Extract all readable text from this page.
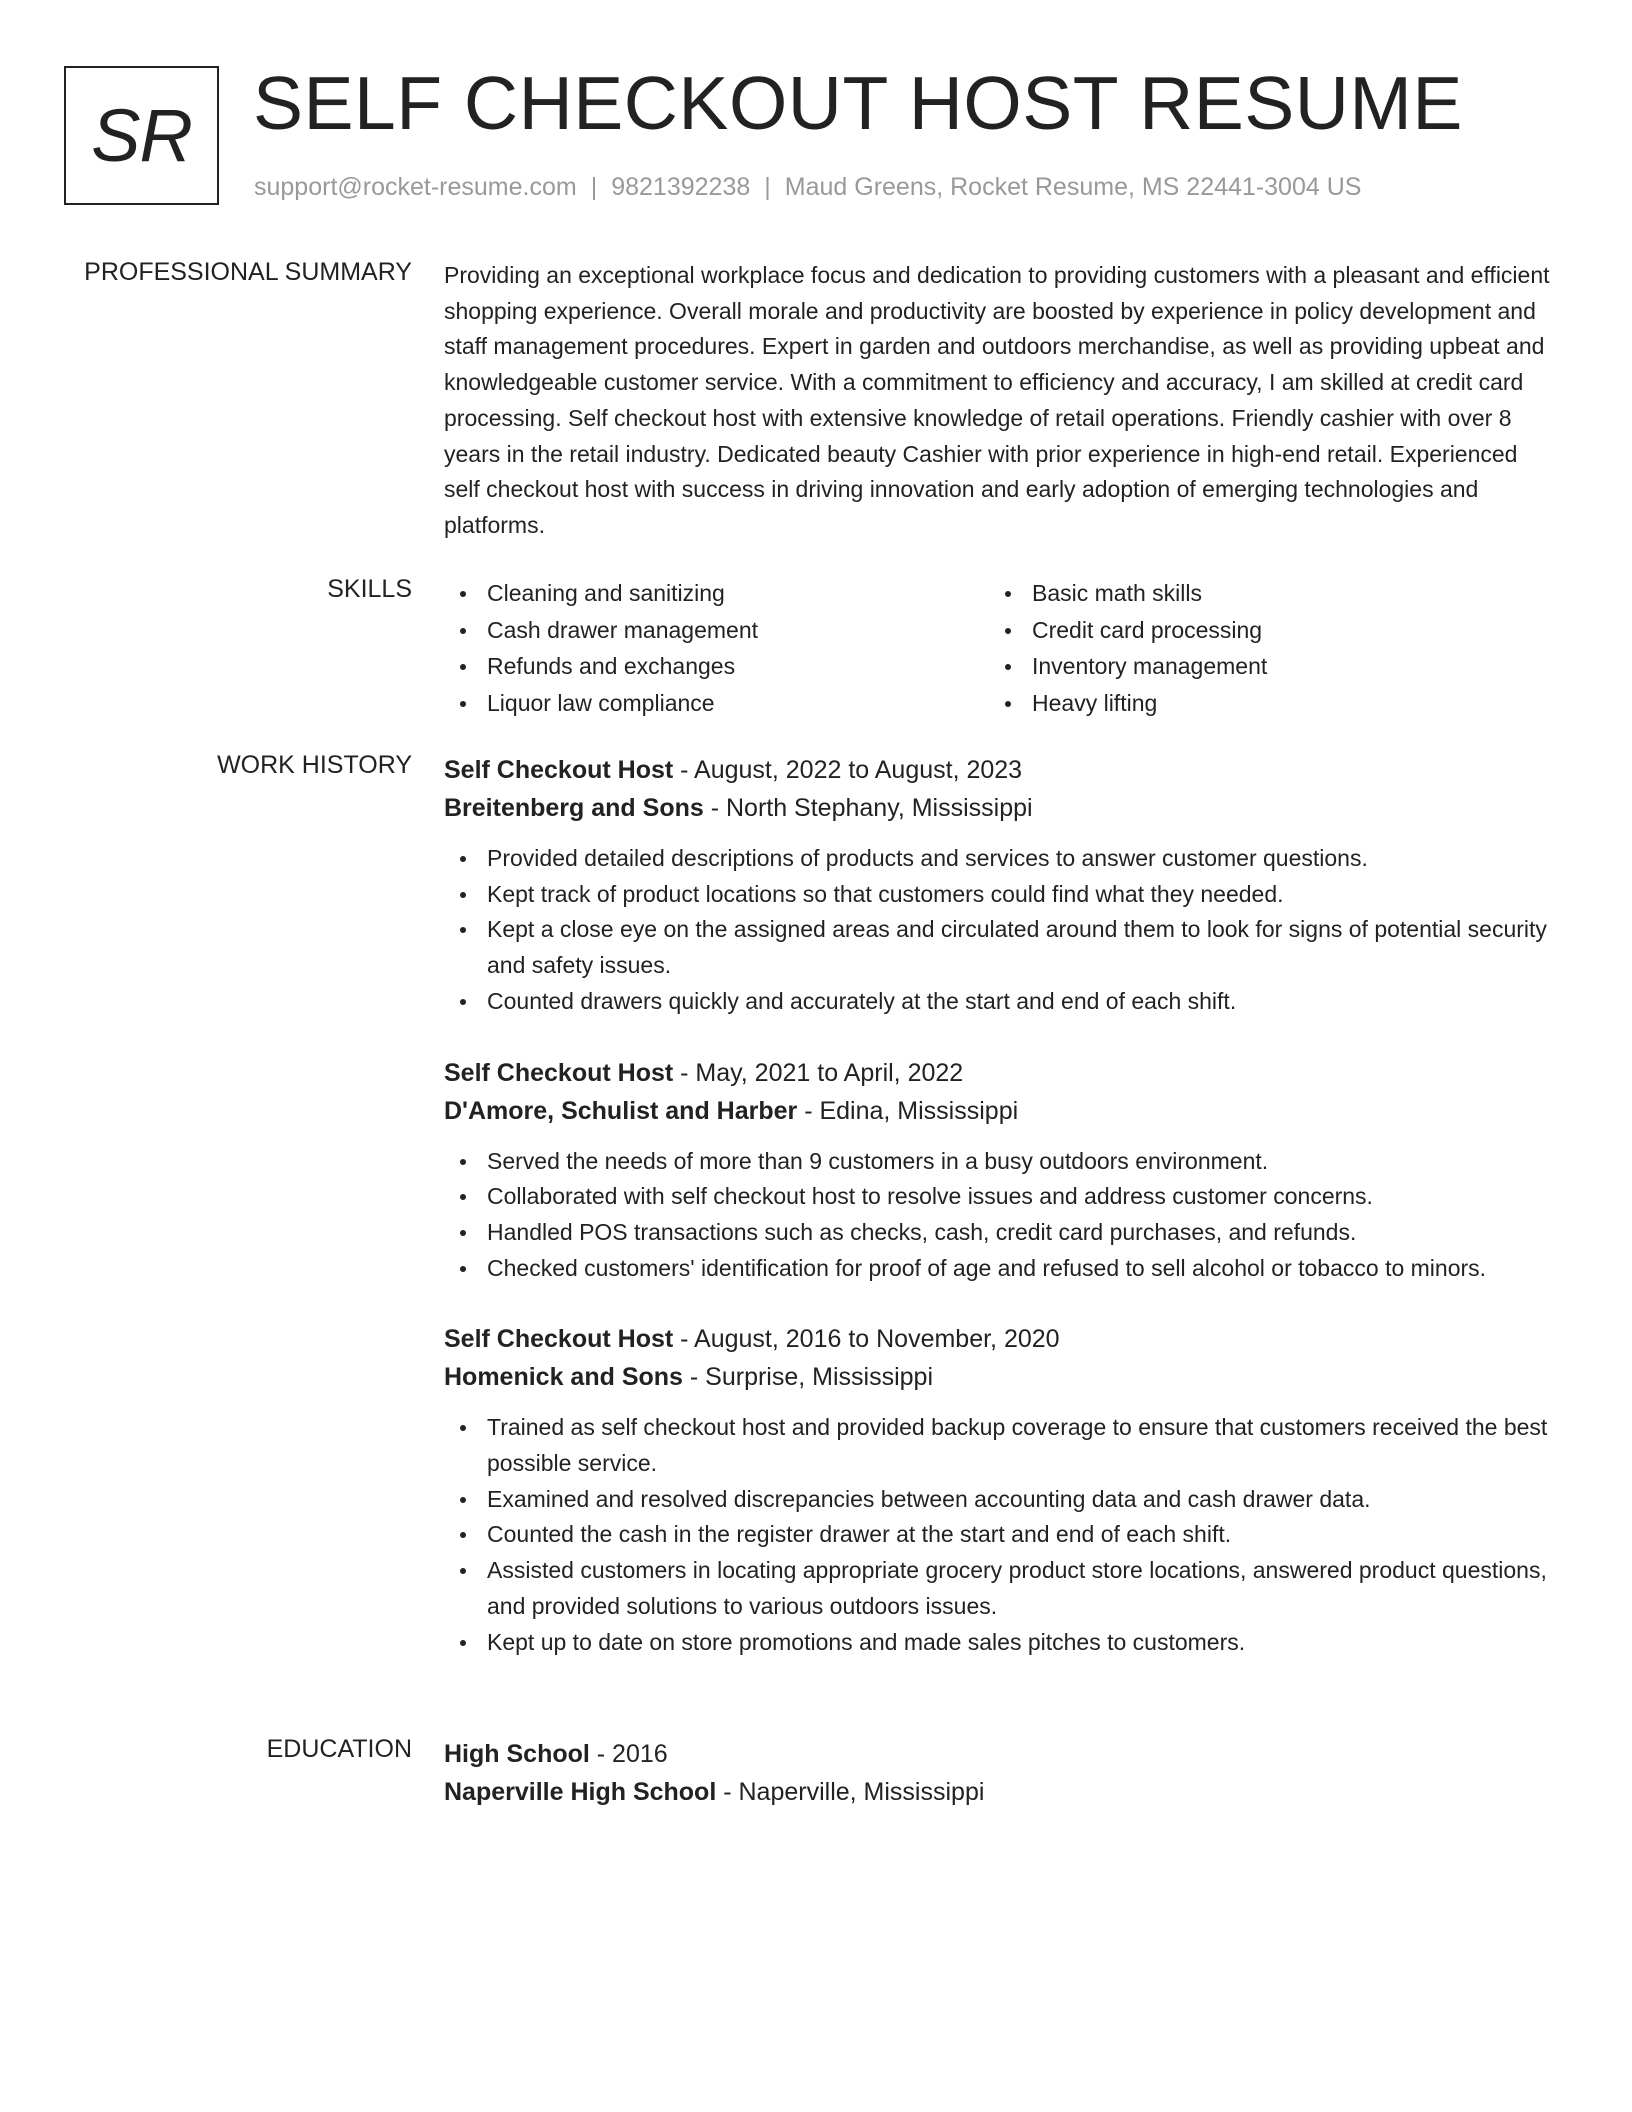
SR SELF CHECKOUT HOST RESUME
support@rocket-resume.com | 9821392238 | Maud Greens, Rocket Resume, MS 22441-3004 US
PROFESSIONAL SUMMARY Providing an exceptional workplace focus and dedication to providing customers with a pleasant and efficient shopping experience. Overall morale and productivity are boosted by experience in policy development and staff management procedures. Expert in garden and outdoors merchandise, as well as providing upbeat and knowledgeable customer service. With a commitment to efficiency and accuracy, I am skilled at credit card processing. Self checkout host with extensive knowledge of retail operations. Friendly cashier with over 8 years in the retail industry. Dedicated beauty Cashier with prior experience in high-end retail. Experienced self checkout host with success in driving innovation and early adoption of emerging technologies and platforms.

SKILLS	Cleaning and sanitizing	Basic math skills
Cash drawer management	Credit card processing
Refunds and exchanges	Inventory management
Liquor law compliance	Heavy lifting
WORK HISTORY Self Checkout Host - August, 2022 to August, 2023
Breitenberg and Sons - North Stephany, Mississippi
Provided detailed descriptions of products and services to answer customer questions.
Kept track of product locations so that customers could find what they needed.
Kept a close eye on the assigned areas and circulated around them to look for signs of potential security and safety issues.
Counted drawers quickly and accurately at the start and end of each shift.
Self Checkout Host - May, 2021 to April, 2022
D'Amore, Schulist and Harber - Edina, Mississippi
Served the needs of more than 9 customers in a busy outdoors environment.
Collaborated with self checkout host to resolve issues and address customer concerns.
Handled POS transactions such as checks, cash, credit card purchases, and refunds.
Checked customers' identification for proof of age and refused to sell alcohol or tobacco to minors.
Self Checkout Host - August, 2016 to November, 2020
Homenick and Sons - Surprise, Mississippi
Trained as self checkout host and provided backup coverage to ensure that customers received the best possible service.
Examined and resolved discrepancies between accounting data and cash drawer data.
Counted the cash in the register drawer at the start and end of each shift.
Assisted customers in locating appropriate grocery product store locations, answered product questions, and provided solutions to various outdoors issues.
Kept up to date on store promotions and made sales pitches to customers.
EDUCATION High School - 2016
Naperville High School - Naperville, Mississippi
